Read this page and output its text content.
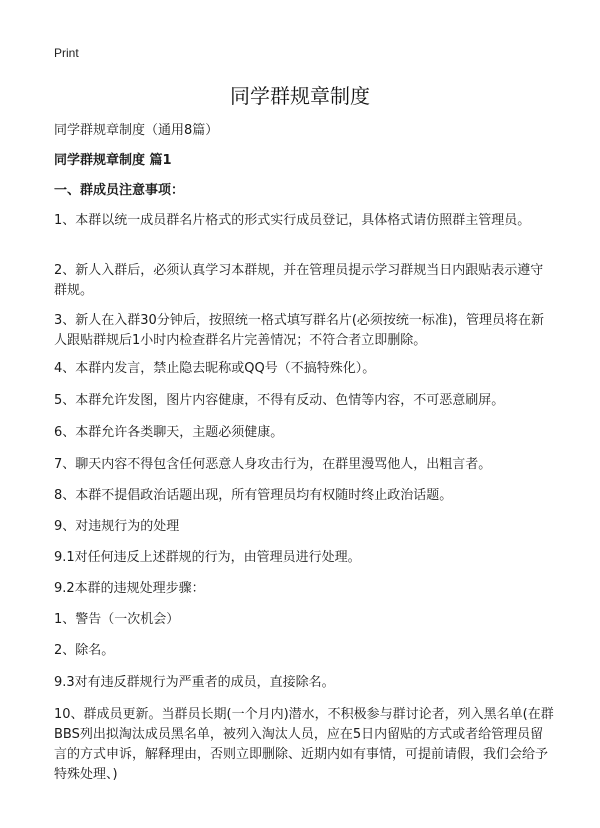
Print
同学群规章制度

同学群规章制度（通用8篇）

同学群规章制度 篇1

一、群成员注意事项：

1、本群以统一成员群名片格式的形式实行成员登记，具体格式请仿照群主管理员。

2、新人入群后，必须认真学习本群规，并在管理员提示学习群规当日内跟贴表示遵守群规。

3、新人在入群30分钟后，按照统一格式填写群名片(必须按统一标准)，管理员将在新人跟贴群规后1小时内检查群名片完善情况；不符合者立即删除。

4、本群内发言，禁止隐去昵称或QQ号（不搞特殊化）。

5、本群允许发图，图片内容健康，不得有反动、色情等内容，不可恶意刷屏。

6、本群允许各类聊天，主题必须健康。

7、聊天内容不得包含任何恶意人身攻击行为，在群里漫骂他人，出粗言者。

8、本群不提倡政治话题出现，所有管理员均有权随时终止政治话题。

9、对违规行为的处理

9.1对任何违反上述群规的行为，由管理员进行处理。

9.2本群的违规处理步骤：

1、警告（一次机会）

2、除名。

9.3对有违反群规行为严重者的成员，直接除名。

10、群成员更新。当群员长期(一个月内)潜水，不积极参与群讨论者，列入黑名单(在群BBS列出拟淘汰成员黑名单，被列入淘汰人员，应在5日内留贴的方式或者给管理员留言的方式申诉，解释理由，否则立即删除、近期内如有事情，可提前请假，我们会给予特殊处理、)
